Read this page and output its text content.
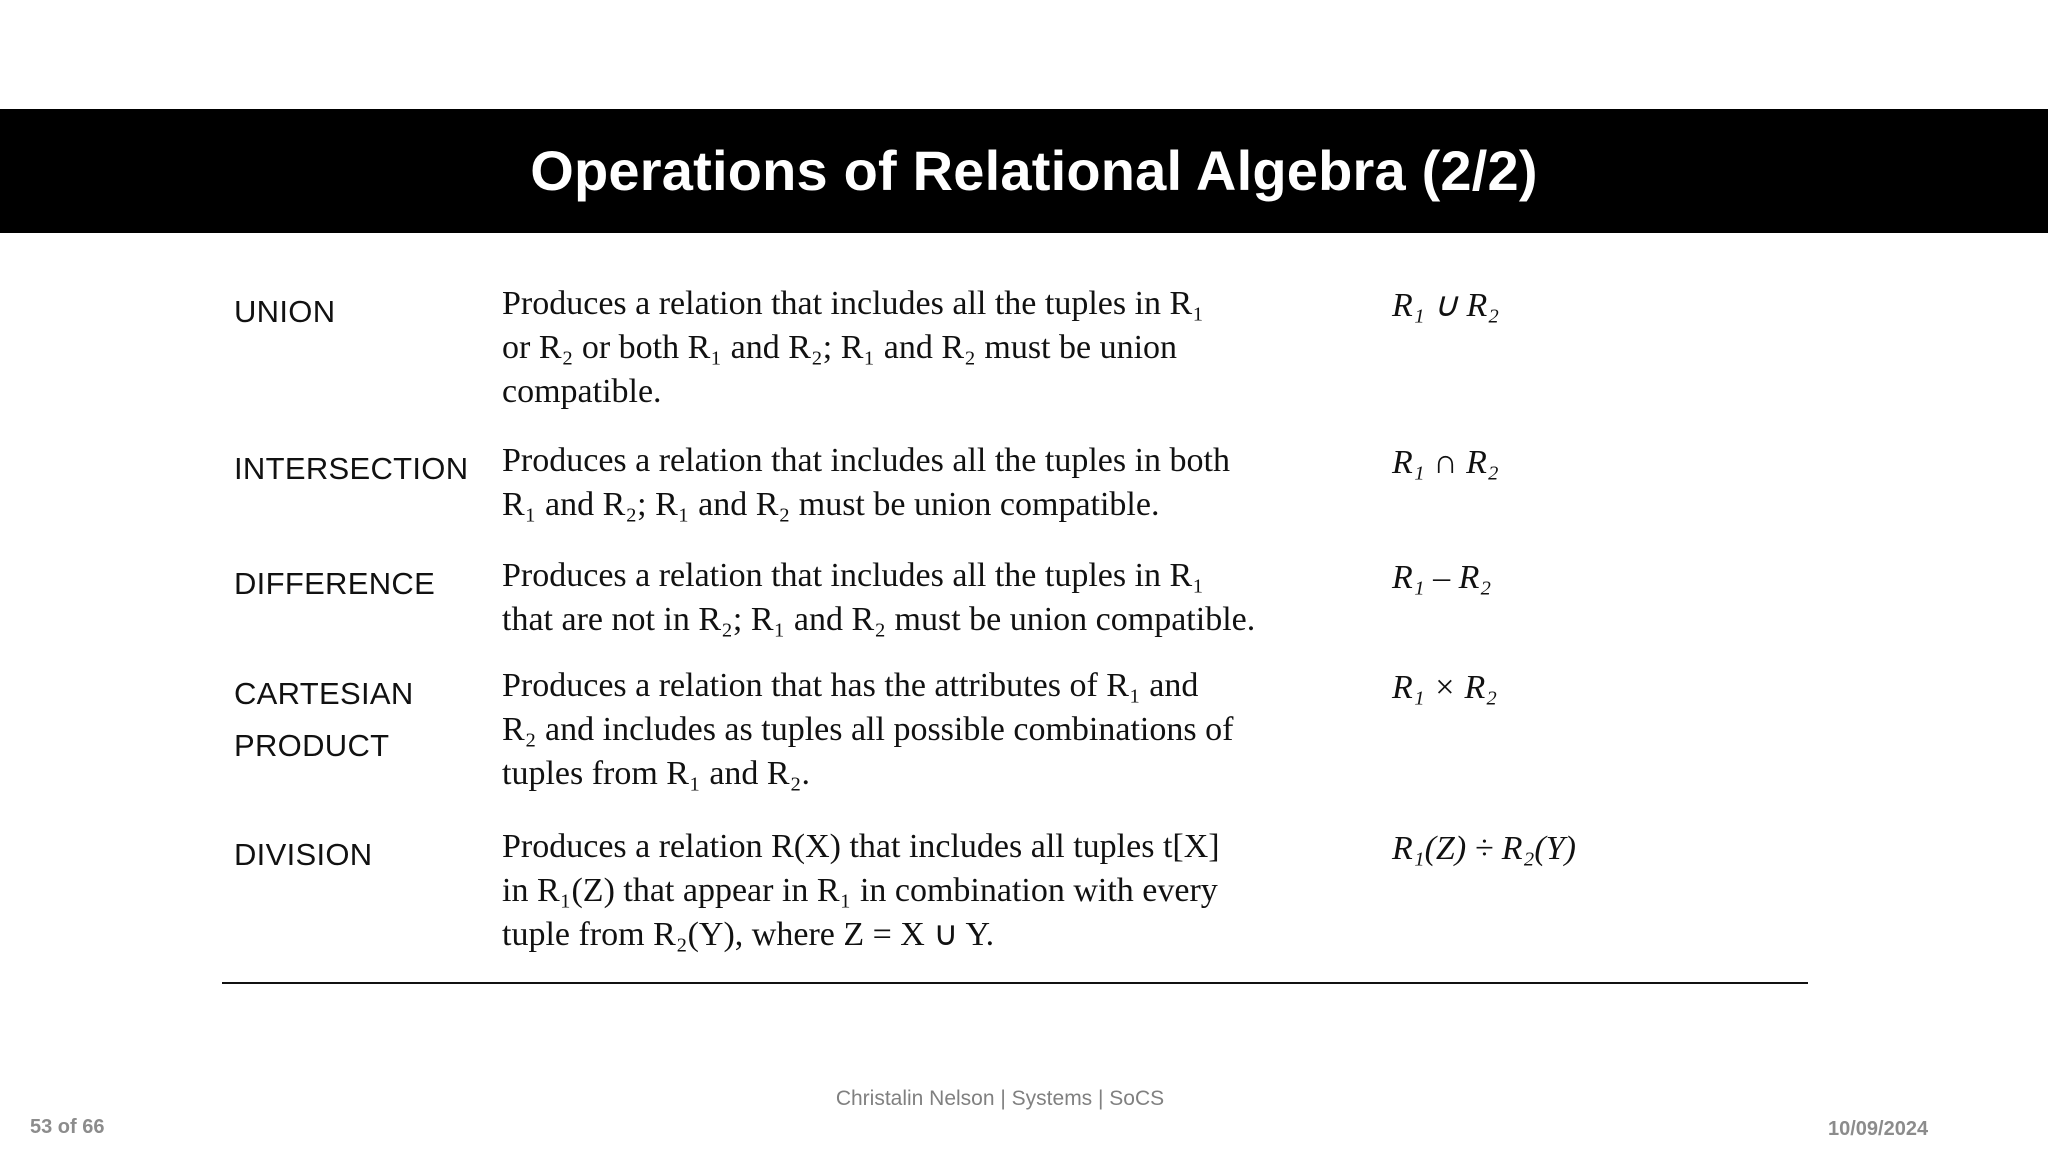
Operations of Relational Algebra (2/2)
UNION	Produces a relation that includes all the tuples in R₁
or R₂ or both R₁ and R₂; R₁ and R₂ must be union
compatible.
R₁ ∪ R₂
INTERSECTION Produces a relation that includes all the tuples in both
R₁ and R₂; R₁ and R₂ must be union compatible.
R₁ ∩ R₂
DIFFERENCE	Produces a relation that includes all the tuples in R₁
that are not in R₂; R₁ and R₂ must be union compatible.
R₁ – R₂
CARTESIAN
PRODUCT
Produces a relation that has the attributes of R₁ and
R₂ and includes as tuples all possible combinations of
tuples from R₁ and R₂.
R₁ × R₂
DIVISION	Produces a relation R(X) that includes all tuples t[X]
in R₁(Z) that appear in R₁ in combination with every
tuple from R₂(Y), where Z = X ∪ Y.
R₁(Z) ÷ R₂(Y)
Christalin Nelson | Systems | SoCS
53 of 66	10/09/2024
